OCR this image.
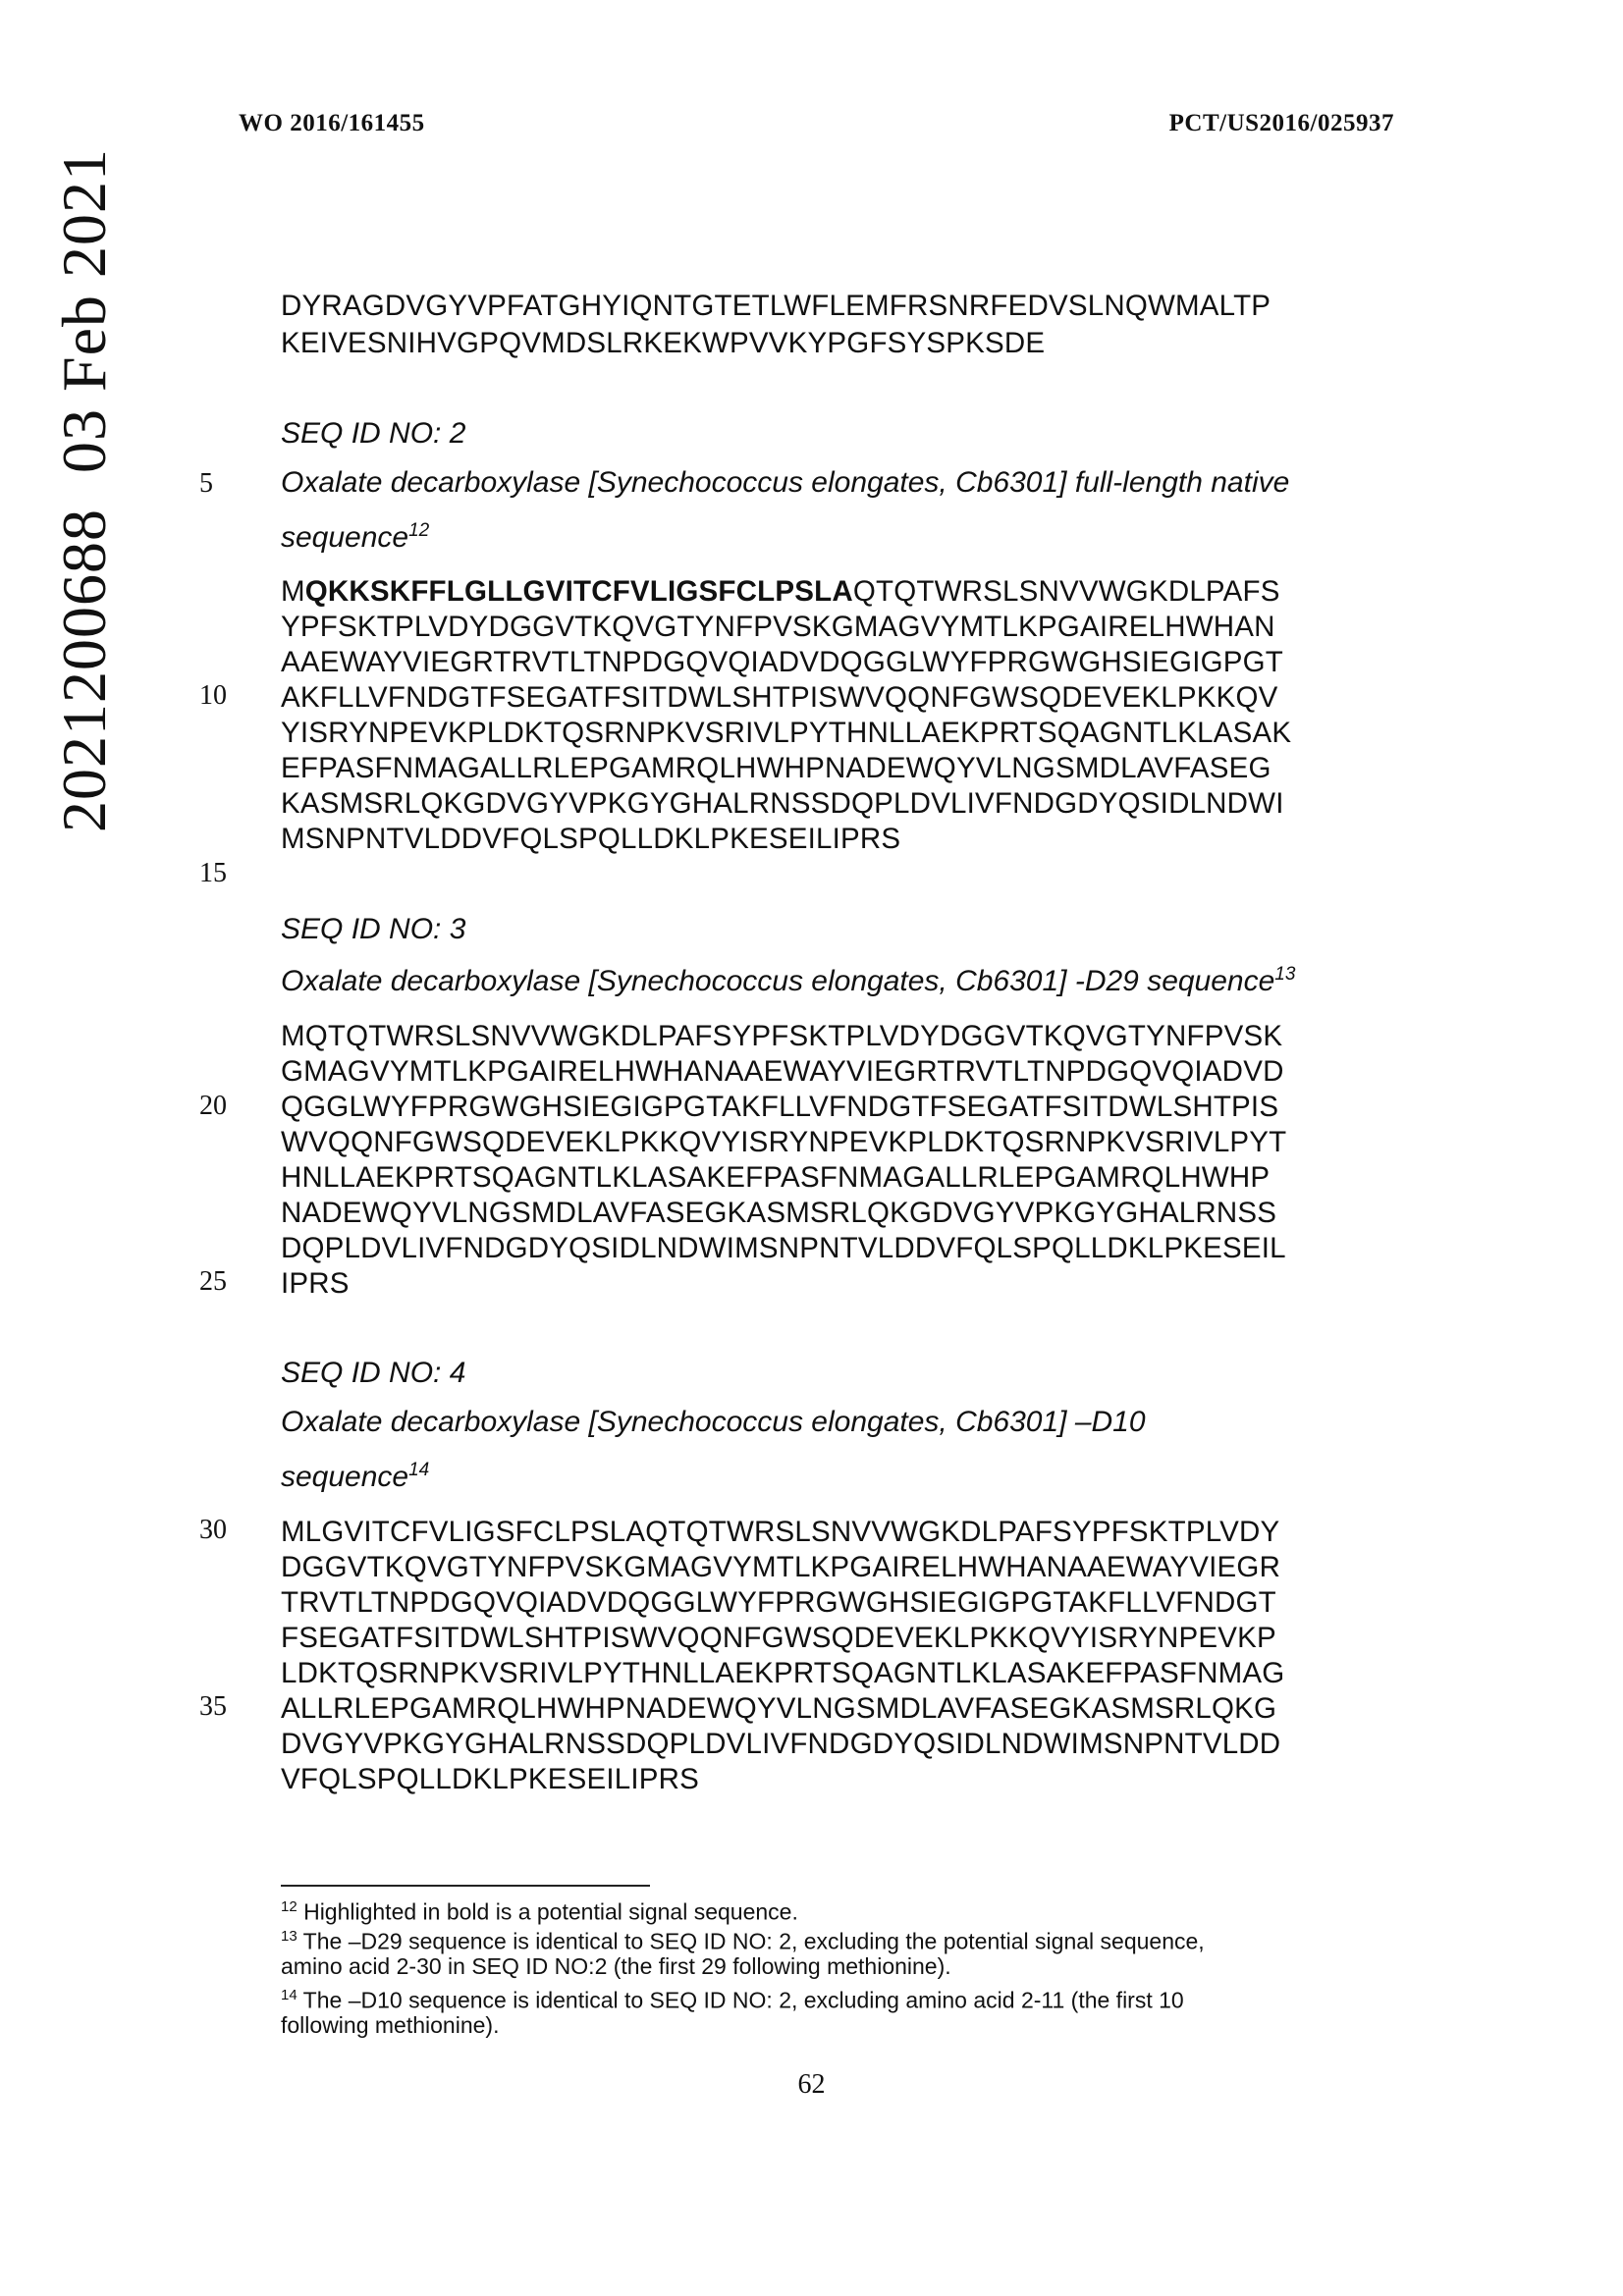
WO 2016/161455	PCT/US2016/025937
202120068803 Feb 2021	DYRAGDVGYVPFATGHYIQNTGTETLWFLEMFRSNRFEDVSLNQWMALTP
KEIVESNIHVGPQVMDSLRKEKWPVVKYPGFSYSPKSDE
SEQ ID NO: 2
Oxalate decarboxylase [Synechococcus elongates, Cb6301] full-length native
sequence$^{12}$
MQKKSKFFLGLLGVITCFVLIGSFCLPSLAQTQTWRSLSNVVWGKDLPAFS
YPFSKTPLVDYDGGVTKQVGTYNFPVSKGMAGVYMTLKPGAIRELHWHAN
AAEWAYVIEGRTRVTLTNPDGQVQIADVDQGGLWYFPRGWGHSIEGIGPGT
AKFLLVFNDGTFSEGATFSITDWLSHTPISWVQQNFGWSQDEVEKLPKKQV
YISRYNPEVKPLDKTQSRNPKVSRIVLPYTHNLLAEKPRTSQAGNTLKLASAK
EFPASFNMAGALLRLEPGAMRQLHWHPNADEWQYVLNGSMDLAVFASEG
KASMSRLQKGDVGYVPKGYGHALRNSSDQPLDVLIVFNDGDYQSIDLNDWI
MSNPNTVLDDVFQLSPQLLDKLPKESEILIPRS
SEQ ID NO: 3
Oxalate decarboxylase [Synechococcus elongates, Cb6301] -D29 sequence$^{13}$
MQTQTWRSLSNVVWGKDLPAFSYPFSKTPLVDYDGGVTKQVGTYNFPVSK
GMAGVYMTLKPGAIRELHWHANAAEWAYVIEGRTRVTLTNPDGQVQIADVD
QGGLWYFPRGWGHSIEGIGPGTAKFLLVFNDGTFSEGATFSITDWLSHTPIS
WVQQNFGWSQDEVEKLPKKQVYISRYNPEVKPLDKTQSRNPKVSRIVLPYT
HNLLAEKPRTSQAGNTLKLASAKEFPASFNMAGALLRLEPGAMRQLHWHP
NADEWQYVLNGSMDLAVFASEGKASMSRLQKGDVGYVPKGYGHALRNSS
DQPLDVLIVFNDGDYQSIDLNDWIMSNPNTVLDDVFQLSPQLLDKLPKESEIL
IPRS
SEQ ID NO: 4
Oxalate decarboxylase [Synechococcus elongates, Cb6301] –D10
sequence$^{14}$
MLGVITCFVLIGSFCLPSLAQTQTWRSLSNVVWGKDLPAFSYPFSKTPLVDY
DGGVTKQVGTYNFPVSKGMAGVYMTLKPGAIRELHWHANAAEWAYVIEGR
TRVTLTNPDGQVQIADVDQGGLWYFPRGWGHSIEGIGPGTAKFLLVFNDGT
FSEGATFSITDWLSHTPISWVQQNFGWSQDEVEKLPKKQVYISRYNPEVKP
LDKTQSRNPKVSRIVLPYTHNLLAEKPRTSQAGNTLKLASAKEFPASFNMAG
ALLRLEPGAMRQLHWHPNADEWQYVLNGSMDLAVFASEGKASMSRLQKG
DVGYVPKGYGHALRNSSDQPLDVLIVFNDGDYQSIDLNDWIMSNPNTVLDD
VFQLSPQLLDKLPKESEILIPRS
5
10
15
20
25
30
35
$^{12}$ Highlighted in bold is a potential signal sequence.
$^{13}$ The –D29 sequence is identical to SEQ ID NO: 2, excluding the potential signal sequence,
amino acid 2-30 in SEQ ID NO:2 (the first 29 following methionine).
$^{14}$ The –D10 sequence is identical to SEQ ID NO: 2, excluding amino acid 2-11 (the first 10
following methionine).
62
